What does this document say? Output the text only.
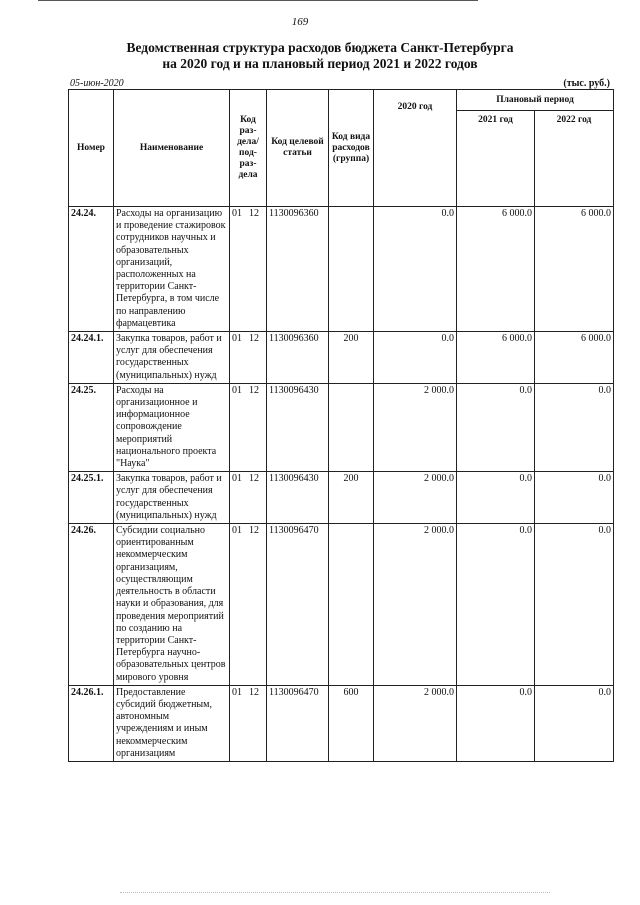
169
Ведомственная структура расходов бюджета Санкт-Петербурга
на 2020 год и на плановый период 2021 и 2022 годов
05-июн-2020	(тыс. руб.)
Номер	Наименование	Код раз-дела/ под-раз-дела	Код целевой статьи	Код вида расходов (группа)	2020 год	Плановый период	
						2021 год	2022 год
24.24.	Расходы на организацию и проведение стажировок сотрудников научных и образовательных организаций, расположенных на территории Санкт-Петербурга, в том числе по направлению фармацевтика	01 12	1130096360		0.0	6 000.0	6 000.0
24.24.1.	Закупка товаров, работ и услуг для обеспечения государственных (муниципальных) нужд	01 12	1130096360	200	0.0	6 000.0	6 000.0
24.25.	Расходы на организационное и информационное сопровождение мероприятий национального проекта "Наука"	01 12	1130096430		2 000.0	0.0	0.0
24.25.1.	Закупка товаров, работ и услуг для обеспечения государственных (муниципальных) нужд	01 12	1130096430	200	2 000.0	0.0	0.0
24.26.	Субсидии социально ориентированным некоммерческим организациям, осуществляющим деятельность в области науки и образования, для проведения мероприятий по созданию на территории Санкт-Петербурга научно-образовательных центров мирового уровня	01 12	1130096470		2 000.0	0.0	0.0
24.26.1.	Предоставление субсидий бюджетным, автономным учреждениям и иным некоммерческим организациям	01 12	1130096470	600	2 000.0	0.0	0.0
